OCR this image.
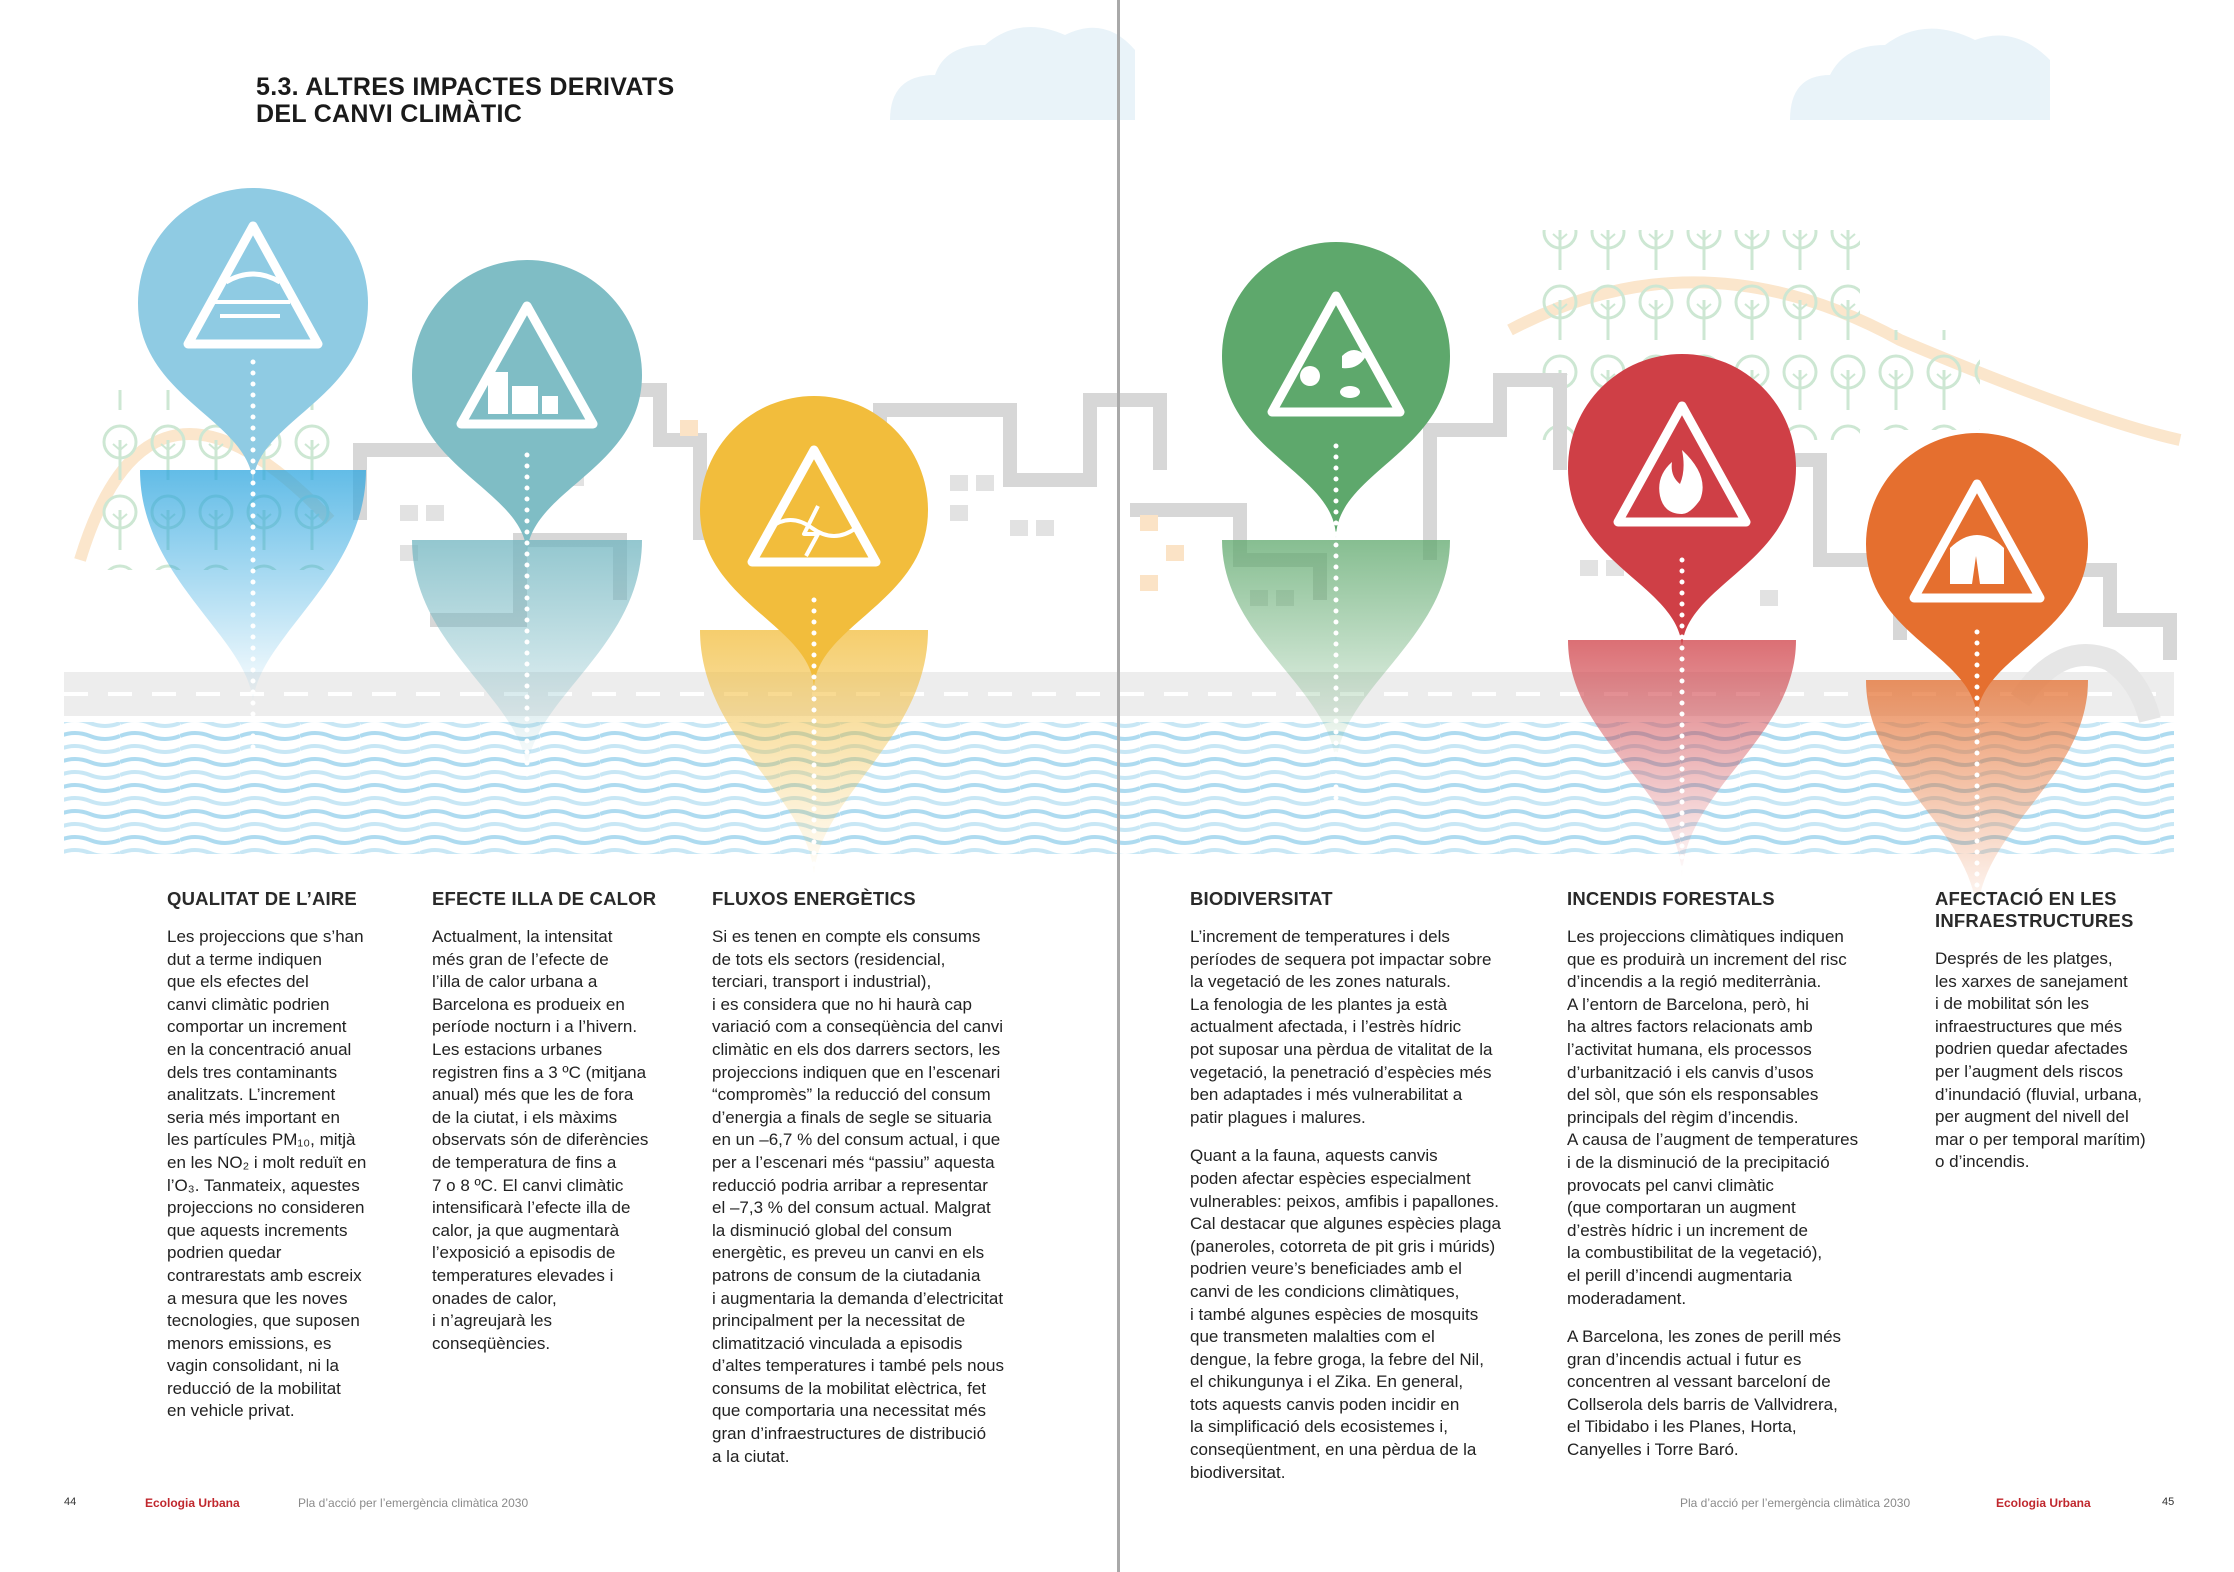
5.3. ALTRES IMPACTES DERIVATS
DEL CANVI CLIMÀTIC
QUALITAT DE L’AIRE

Les projeccions que s’han
dut a terme indiquen
que els efectes del
canvi climàtic podrien
comportar un increment
en la concentració anual
dels tres contaminants
analitzats. L’increment
seria més important en
les partícules PM₁₀, mitjà
en les NO₂ i molt reduït en
l’O₃. Tanmateix, aquestes
projeccions no consideren
que aquests increments
podrien quedar
contrarestats amb escreix
a mesura que les noves
tecnologies, que suposen
menors emissions, es
vagin consolidant, ni la
reducció de la mobilitat
en vehicle privat.

EFECTE ILLA DE CALOR

Actualment, la intensitat
més gran de l’efecte de
l’illa de calor urbana a
Barcelona es produeix en
període nocturn i a l’hivern.
Les estacions urbanes
registren fins a 3 ºC (mitjana
anual) més que les de fora
de la ciutat, i els màxims
observats són de diferències
de temperatura de fins a
7 o 8 ºC. El canvi climàtic
intensificarà l’efecte illa de
calor, ja que augmentarà
l’exposició a episodis de
temperatures elevades i
onades de calor,
i n’agreujarà les
conseqüències.

FLUXOS ENERGÈTICS

Si es tenen en compte els consums
de tots els sectors (residencial,
terciari, transport i industrial),
i es considera que no hi haurà cap
variació com a conseqüència del canvi
climàtic en els dos darrers sectors, les
projeccions indiquen que en l’escenari
“compromès” la reducció del consum
d’energia a finals de segle se situaria
en un –6,7 % del consum actual, i que
per a l’escenari més “passiu” aquesta
reducció podria arribar a representar
el –7,3 % del consum actual. Malgrat
la disminució global del consum
energètic, es preveu un canvi en els
patrons de consum de la ciutadania
i augmentaria la demanda d’electricitat
principalment per la necessitat de
climatització vinculada a episodis
d’altes temperatures i també pels nous
consums de la mobilitat elèctrica, fet
que comportaria una necessitat més
gran d’infraestructures de distribució
a la ciutat.

BIODIVERSITAT

L’increment de temperatures i dels
períodes de sequera pot impactar sobre
la vegetació de les zones naturals.
La fenologia de les plantes ja està
actualment afectada, i l’estrès hídric
pot suposar una pèrdua de vitalitat de la
vegetació, la penetració d’espècies més
ben adaptades i més vulnerabilitat a
patir plagues i malures.

Quant a la fauna, aquests canvis
poden afectar espècies especialment
vulnerables: peixos, amfibis i papallones.
Cal destacar que algunes espècies plaga
(paneroles, cotorreta de pit gris i múrids)
podrien veure’s beneficiades amb el
canvi de les condicions climàtiques,
i també algunes espècies de mosquits
que transmeten malalties com el
dengue, la febre groga, la febre del Nil,
el chikungunya i el Zika. En general,
tots aquests canvis poden incidir en
la simplificació dels ecosistemes i,
conseqüentment, en una pèrdua de la
biodiversitat.

INCENDIS FORESTALS

Les projeccions climàtiques indiquen
que es produirà un increment del risc
d’incendis a la regió mediterrània.
A l’entorn de Barcelona, però, hi
ha altres factors relacionats amb
l’activitat humana, els processos
d’urbanització i els canvis d’usos
del sòl, que són els responsables
principals del règim d’incendis.
A causa de l’augment de temperatures
i de la disminució de la precipitació
provocats pel canvi climàtic
(que comportaran un augment
d’estrès hídric i un increment de
la combustibilitat de la vegetació),
el perill d’incendi augmentaria
moderadament.

A Barcelona, les zones de perill més
gran d’incendis actual i futur es
concentren al vessant barceloní de
Collserola dels barris de Vallvidrera,
el Tibidabo i les Planes, Horta,
Canyelles i Torre Baró.

AFECTACIÓ EN LES
INFRAESTRUCTURES

Després de les platges,
les xarxes de sanejament
i de mobilitat són les
infraestructures que més
podrien quedar afectades
per l’augment dels riscos
d’inundació (fluvial, urbana,
per augment del nivell del
mar o per temporal marítim)
o d’incendis.

44	Ecologia Urbana	Pla d’acció per l’emergència climàtica 2030	Pla d’acció per l’emergència climàtica 2030	Ecologia Urbana	45
